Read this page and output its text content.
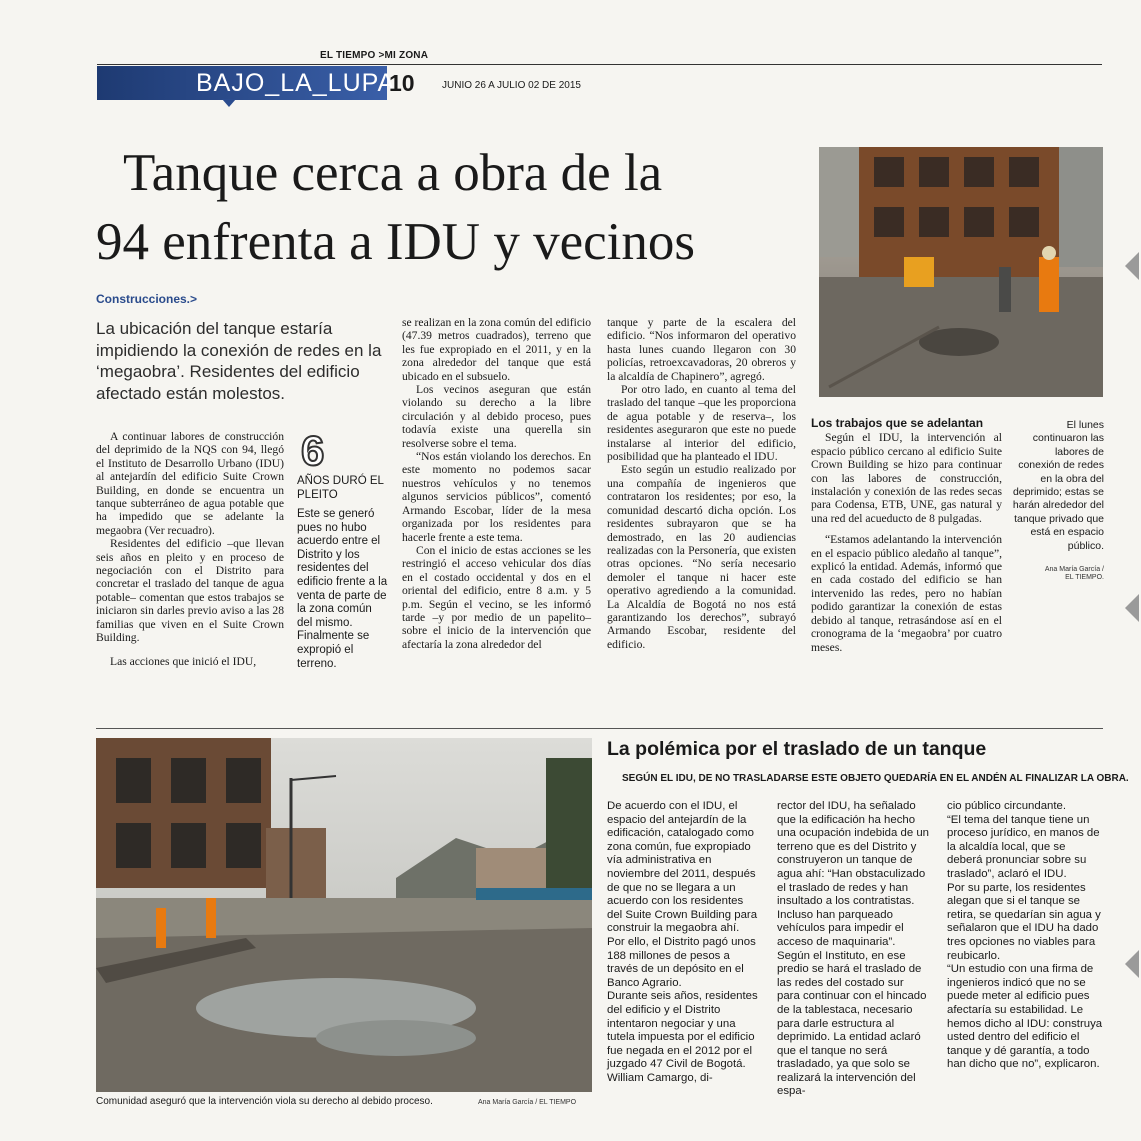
EL TIEMPO >MI ZONA
BAJO_LA_LUPA
10	JUNIO 26 A JULIO 02 DE 2015
Tanque cerca a obra de la
94 enfrenta a IDU y vecinos
Construcciones.>
La ubicación del tanque estaría impidiendo la conexión de redes en la ‘megaobra’. Residentes del edificio afectado están molestos.

A continuar labores de construcción del deprimido de la NQS con 94, llegó el Instituto de Desarrollo Urbano (IDU) al antejardín del edificio Suite Crown Building, en donde se encuentra un tanque subterráneo de agua potable que ha impedido que se adelante la megaobra (Ver recuadro).

Residentes del edificio –que llevan seis años en pleito y en proceso de negociación con el Distrito para concretar el traslado del tanque de agua potable– comentan que estos trabajos se iniciaron sin darles previo aviso a las 28 familias que viven en el Suite Crown Building.

Las acciones que inició el IDU,

6
AÑOS DURÓ EL PLEITO
Este se generó pues no hubo acuerdo entre el Distrito y los residentes del edificio frente a la venta de parte de la zona común del mismo. Finalmente se expropió el terreno.

se realizan en la zona común del edificio (47.39 metros cuadrados), terreno que les fue expropiado en el 2011, y en la zona alrededor del tanque que está ubicado en el subsuelo.

Los vecinos aseguran que están violando su derecho a la libre circulación y al debido proceso, pues todavía existe una querella sin resolverse sobre el tema.

“Nos están violando los derechos. En este momento no podemos sacar nuestros vehículos y no tenemos algunos servicios públicos”, comentó Armando Escobar, líder de la mesa organizada por los residentes para hacerle frente a este tema.

Con el inicio de estas acciones se les restringió el acceso vehicular dos días en el costado occidental y dos en el oriental del edificio, entre 8 a.m. y 5 p.m. Según el vecino, se les informó tarde –y por medio de un papelito– sobre el inicio de la intervención que afectaría la zona alrededor del

tanque y parte de la escalera del edificio. “Nos informaron del operativo hasta lunes cuando llegaron con 30 policías, retroexcavadoras, 20 obreros y la alcaldía de Chapinero”, agregó.

Por otro lado, en cuanto al tema del traslado del tanque –que les proporciona de agua potable y de reserva–, los residentes aseguraron que este no puede instalarse al interior del edificio, posibilidad que ha planteado el IDU.

Esto según un estudio realizado por una compañía de ingenieros que contrataron los residentes; por eso, la comunidad descartó dicha opción. Los residentes subrayaron que se ha demostrado, en las 20 audiencias realizadas con la Personería, que existen otras opciones. “No sería necesario demoler el tanque ni hacer este operativo agrediendo a la comunidad. La Alcaldía de Bogotá no nos está garantizando los derechos”, subrayó Armando Escobar, residente del edificio.

El lunes continuaron las labores de conexión de redes en la obra del deprimido; estas se harán alrededor del tanque privado que está en espacio público.
Ana María García / EL TIEMPO.

Los trabajos que se adelantan

Según el IDU, la intervención al espacio público cercano al edificio Suite Crown Building se hizo para continuar con las labores de construcción, instalación y conexión de las redes secas para Codensa, ETB, UNE, gas natural y una red del acueducto de 8 pulgadas.

“Estamos adelantando la intervención en el espacio público aledaño al tanque”, explicó la entidad. Además, informó que en cada costado del edificio se han intervenido las redes, pero no habían podido garantizar la conexión de estas debido al tanque, retrasándose así en el cronograma de la ‘megaobra’ por cuatro meses.

Comunidad aseguró que la intervención viola su derecho al debido proceso.	Ana María García / EL TIEMPO
La polémica por el traslado de un tanque
SEGÚN EL IDU, DE NO TRASLADARSE ESTE OBJETO QUEDARÍA EN EL ANDÉN AL FINALIZAR LA OBRA.

De acuerdo con el IDU, el espacio del antejardín de la edificación, catalogado como zona común, fue expropiado vía administrativa en noviembre del 2011, después de que no se llegara a un acuerdo con los residentes del Suite Crown Building para construir la megaobra ahí. Por ello, el Distrito pagó unos 188 millones de pesos a través de un depósito en el Banco Agrario.

Durante seis años, residentes del edificio y el Distrito intentaron negociar y una tutela impuesta por el edificio fue negada en el 2012 por el juzgado 47 Civil de Bogotá. William Camargo, di-

rector del IDU, ha señalado que la edificación ha hecho una ocupación indebida de un terreno que es del Distrito y construyeron un tanque de agua ahí: “Han obstaculizado el traslado de redes y han insultado a los contratistas. Incluso han parqueado vehículos para impedir el acceso de maquinaria”.

Según el Instituto, en ese predio se hará el traslado de las redes del costado sur para continuar con el hincado de la tablestaca, necesario para darle estructura al deprimido. La entidad aclaró que el tanque no será trasladado, ya que solo se realizará la intervención del espa-

cio público circundante.

“El tema del tanque tiene un proceso jurídico, en manos de la alcaldía local, que se deberá pronunciar sobre su traslado”, aclaró el IDU.

Por su parte, los residentes alegan que si el tanque se retira, se quedarían sin agua y señalaron que el IDU ha dado tres opciones no viables para reubicarlo.

“Un estudio con una firma de ingenieros indicó que no se puede meter al edificio pues afectaría su estabilidad. Le hemos dicho al IDU: construya usted dentro del edificio el tanque y dé garantía, a todo han dicho que no”, explicaron.
